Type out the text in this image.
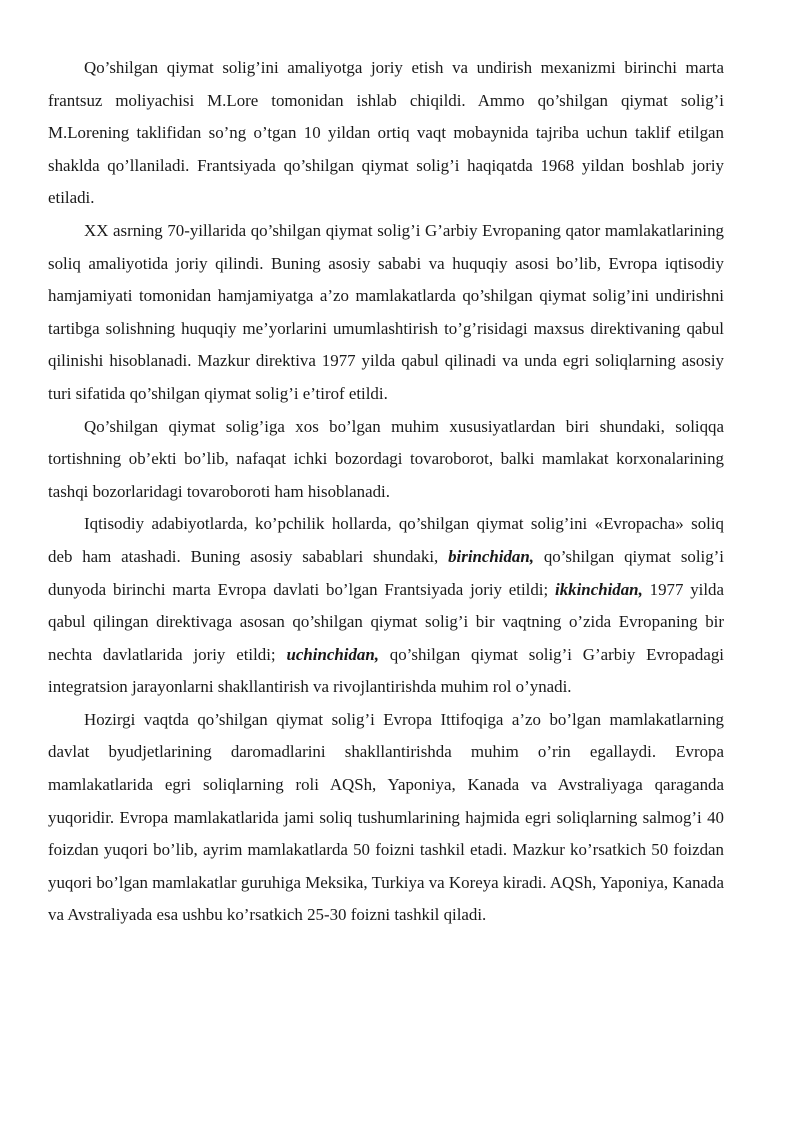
Qo’shilgan qiymat solig’ini amaliyotga joriy etish va undirish mexanizmi birinchi marta frantsuz moliyachisi M.Lore tomonidan ishlab chiqildi. Ammo qo’shilgan qiymat solig’i M.Lorening taklifidan so’ng o’tgan 10 yildan ortiq vaqt mobaynida tajriba uchun taklif etilgan shaklda qo’llaniladi. Frantsiyada qo’shilgan qiymat solig’i haqiqatda 1968 yildan boshlab joriy etiladi.

XX asrning 70-yillarida qo’shilgan qiymat solig’i G’arbiy Evropaning qator mamlakatlarining soliq amaliyotida joriy qilindi. Buning asosiy sababi va huquqiy asosi bo’lib, Evropa iqtisodiy hamjamiyati tomonidan hamjamiyatga a’zo mamlakatlarda qo’shilgan qiymat solig’ini undirishni tartibga solishning huquqiy me’yorlarini umumlashtirish to’g’risidagi maxsus direktivaning qabul qilinishi hisoblanadi. Mazkur direktiva 1977 yilda qabul qilinadi va unda egri soliqlarning asosiy turi sifatida qo’shilgan qiymat solig’i e’tirof etildi.

Qo’shilgan qiymat solig’iga xos bo’lgan muhim xususiyatlardan biri shundaki, soliqqa tortishning ob’ekti bo’lib, nafaqat ichki bozordagi tovaroborot, balki mamlakat korxonalarining tashqi bozorlaridagi tovaroboroti ham hisoblanadi.

Iqtisodiy adabiyotlarda, ko’pchilik hollarda, qo’shilgan qiymat solig’ini «Evropacha» soliq deb ham atashadi. Buning asosiy sabablari shundaki, birinchidan, qo’shilgan qiymat solig’i dunyoda birinchi marta Evropa davlati bo’lgan Frantsiyada joriy etildi; ikkinchidan, 1977 yilda qabul qilingan direktivaga asosan qo’shilgan qiymat solig’i bir vaqtning o’zida Evropaning bir nechta davlatlarida joriy etildi; uchinchidan, qo’shilgan qiymat solig’i G’arbiy Evropadagi integratsion jarayonlarni shakllantirish va rivojlantirishda muhim rol o’ynadi.

Hozirgi vaqtda qo’shilgan qiymat solig’i Evropa Ittifoqiga a’zo bo’lgan mamlakatlarning davlat byudjetlarining daromadlarini shakllantirishda muhim o’rin egallaydi. Evropa mamlakatlarida egri soliqlarning roli AQSh, Yaponiya, Kanada va Avstraliyaga qaraganda yuqoridir. Evropa mamlakatlarida jami soliq tushumlarining hajmida egri soliqlarning salmog’i 40 foizdan yuqori bo’lib, ayrim mamlakatlarda 50 foizni tashkil etadi. Mazkur ko’rsatkich 50 foizdan yuqori bo’lgan mamlakatlar guruhiga Meksika, Turkiya va Koreya kiradi. AQSh, Yaponiya, Kanada va Avstraliyada esa ushbu ko’rsatkich 25-30 foizni tashkil qiladi.
